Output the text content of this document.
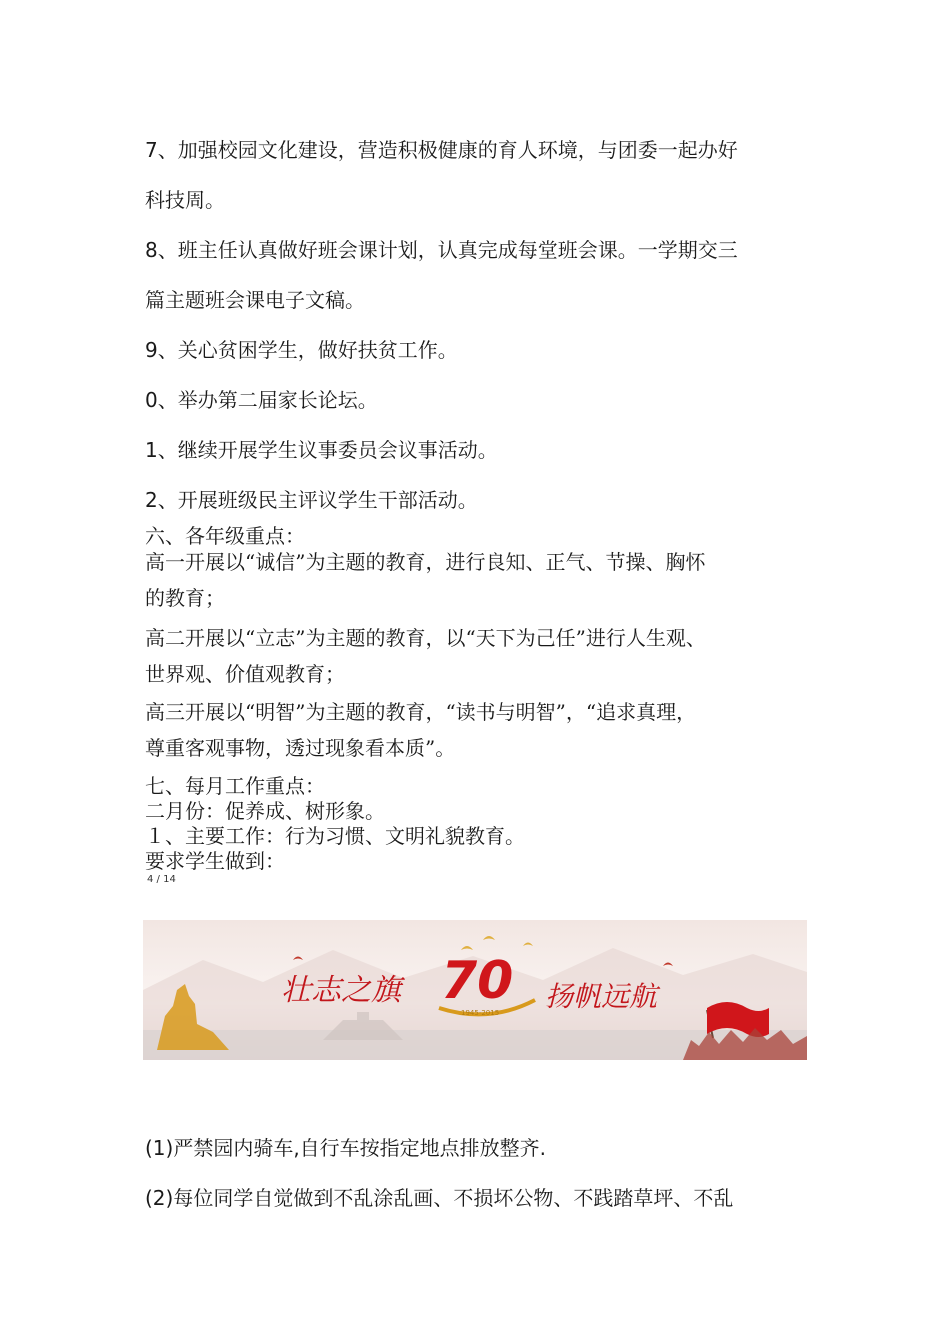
7、加强校园文化建设，营造积极健康的育人环境，与团委一起办好
科技周。
8、班主任认真做好班会课计划，认真完成每堂班会课。一学期交三
篇主题班会课电子文稿。
9、关心贫困学生，做好扶贫工作。
0、举办第二届家长论坛。
1、继续开展学生议事委员会议事活动。
2、开展班级民主评议学生干部活动。
六、各年级重点：
高一开展以“诚信”为主题的教育，进行良知、正气、节操、胸怀
的教育；
高二开展以“立志”为主题的教育，以“天下为己任”进行人生观、
世界观、价值观教育；
高三开展以“明智”为主题的教育，“读书与明智”，“追求真理，
尊重客观事物，透过现象看本质”。
七、每月工作重点：
二月份：促养成、树形象。
１、主要工作：行为习惯、文明礼貌教育。
要求学生做到：
4 / 14
壮志之旗 70
1945-2015 扬帆远航
(1)严禁园内骑车,自行车按指定地点排放整齐.
(2)每位同学自觉做到不乱涂乱画、不损坏公物、不践踏草坪、不乱
